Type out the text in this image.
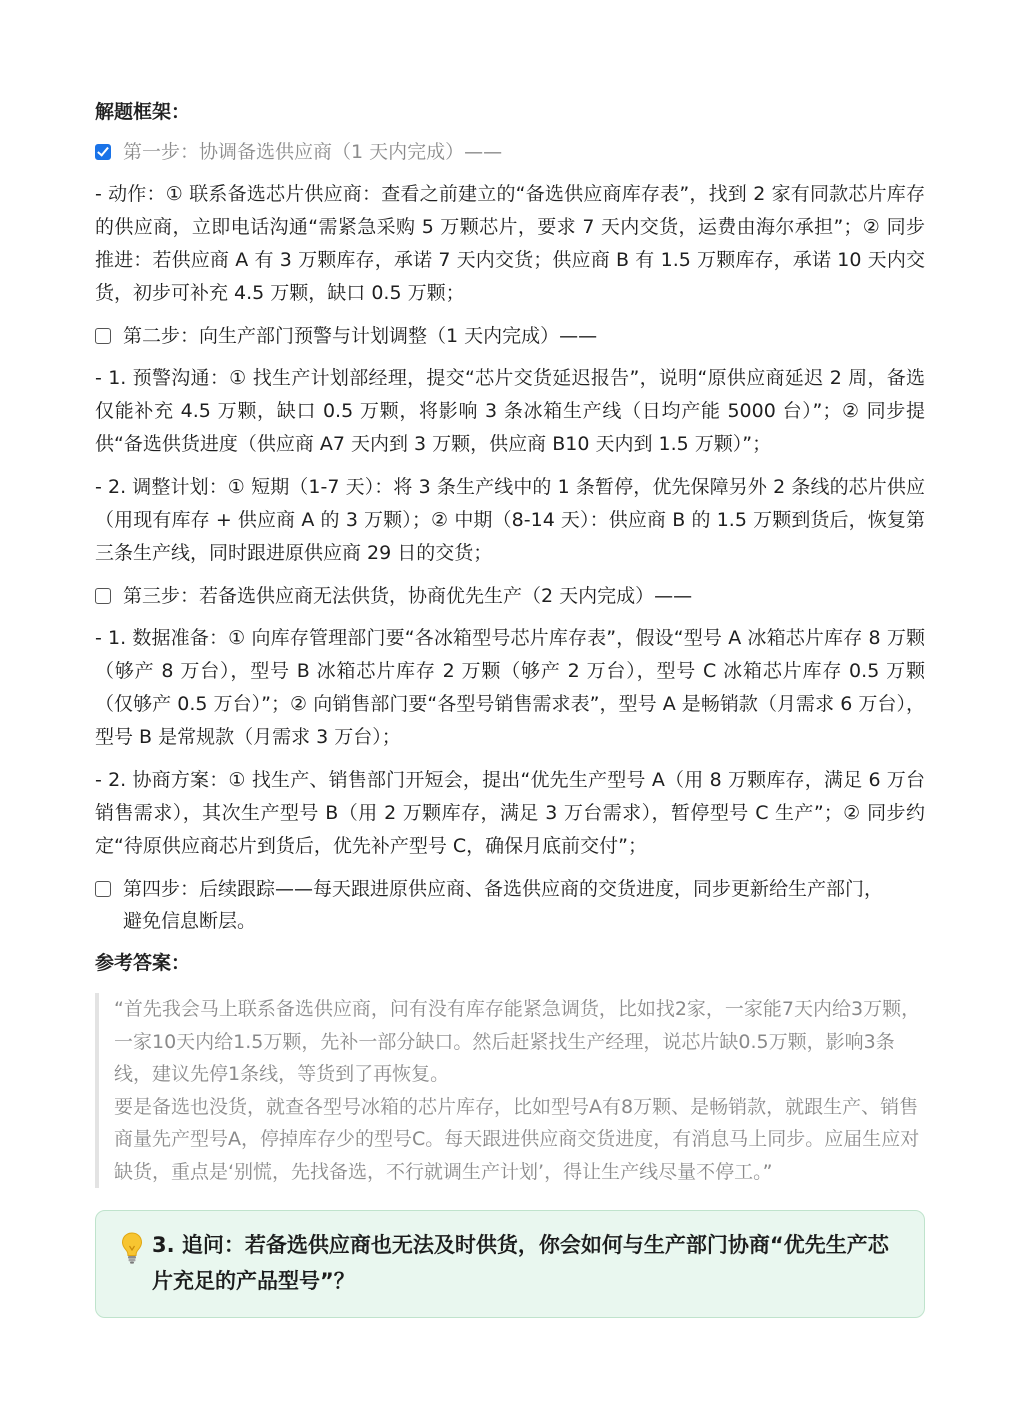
解题框架：
第一步：协调备选供应商（1 天内完成）——
- 动作：① 联系备选芯片供应商：查看之前建立的“备选供应商库存表”，找到 2 家有同款芯片库存的供应商，立即电话沟通“需紧急采购 5 万颗芯片，要求 7 天内交货，运费由海尔承担”；② 同步推进：若供应商 A 有 3 万颗库存，承诺 7 天内交货；供应商 B 有 1.5 万颗库存，承诺 10 天内交货，初步可补充 4.5 万颗，缺口 0.5 万颗；
第二步：向生产部门预警与计划调整（1 天内完成）——
- 1. 预警沟通：① 找生产计划部经理，提交“芯片交货延迟报告”，说明“原供应商延迟 2 周，备选仅能补充 4.5 万颗，缺口 0.5 万颗，将影响 3 条冰箱生产线（日均产能 5000 台）”；② 同步提供“备选供货进度（供应商 A7 天内到 3 万颗，供应商 B10 天内到 1.5 万颗）”；
- 2. 调整计划：① 短期（1-7 天）：将 3 条生产线中的 1 条暂停，优先保障另外 2 条线的芯片供应（用现有库存 + 供应商 A 的 3 万颗）；② 中期（8-14 天）：供应商 B 的 1.5 万颗到货后，恢复第三条生产线，同时跟进原供应商 29 日的交货；
第三步：若备选供应商无法供货，协商优先生产（2 天内完成）——
- 1. 数据准备：① 向库存管理部门要“各冰箱型号芯片库存表”，假设“型号 A 冰箱芯片库存 8 万颗（够产 8 万台），型号 B 冰箱芯片库存 2 万颗（够产 2 万台），型号 C 冰箱芯片库存 0.5 万颗（仅够产 0.5 万台）”；② 向销售部门要“各型号销售需求表”，型号 A 是畅销款（月需求 6 万台），型号 B 是常规款（月需求 3 万台）；
- 2. 协商方案：① 找生产、销售部门开短会，提出“优先生产型号 A（用 8 万颗库存，满足 6 万台销售需求），其次生产型号 B（用 2 万颗库存，满足 3 万台需求），暂停型号 C 生产”；② 同步约定“待原供应商芯片到货后，优先补产型号 C，确保月底前交付”；
第四步：后续跟踪——每天跟进原供应商、备选供应商的交货进度，同步更新给生产部门，避免信息断层。
参考答案：

“首先我会马上联系备选供应商，问有没有库存能紧急调货，比如找2家，一家能7天内给3万颗，一家10天内给1.5万颗，先补一部分缺口。然后赶紧找生产经理，说芯片缺0.5万颗，影响3条线，建议先停1条线，等货到了再恢复。

要是备选也没货，就查各型号冰箱的芯片库存，比如型号A有8万颗、是畅销款，就跟生产、销售商量先产型号A，停掉库存少的型号C。每天跟进供应商交货进度，有消息马上同步。应届生应对缺货，重点是‘别慌，先找备选，不行就调生产计划’，得让生产线尽量不停工。”

3. 追问：若备选供应商也无法及时供货，你会如何与生产部门协商“优先生产芯片充足的产品型号”？
